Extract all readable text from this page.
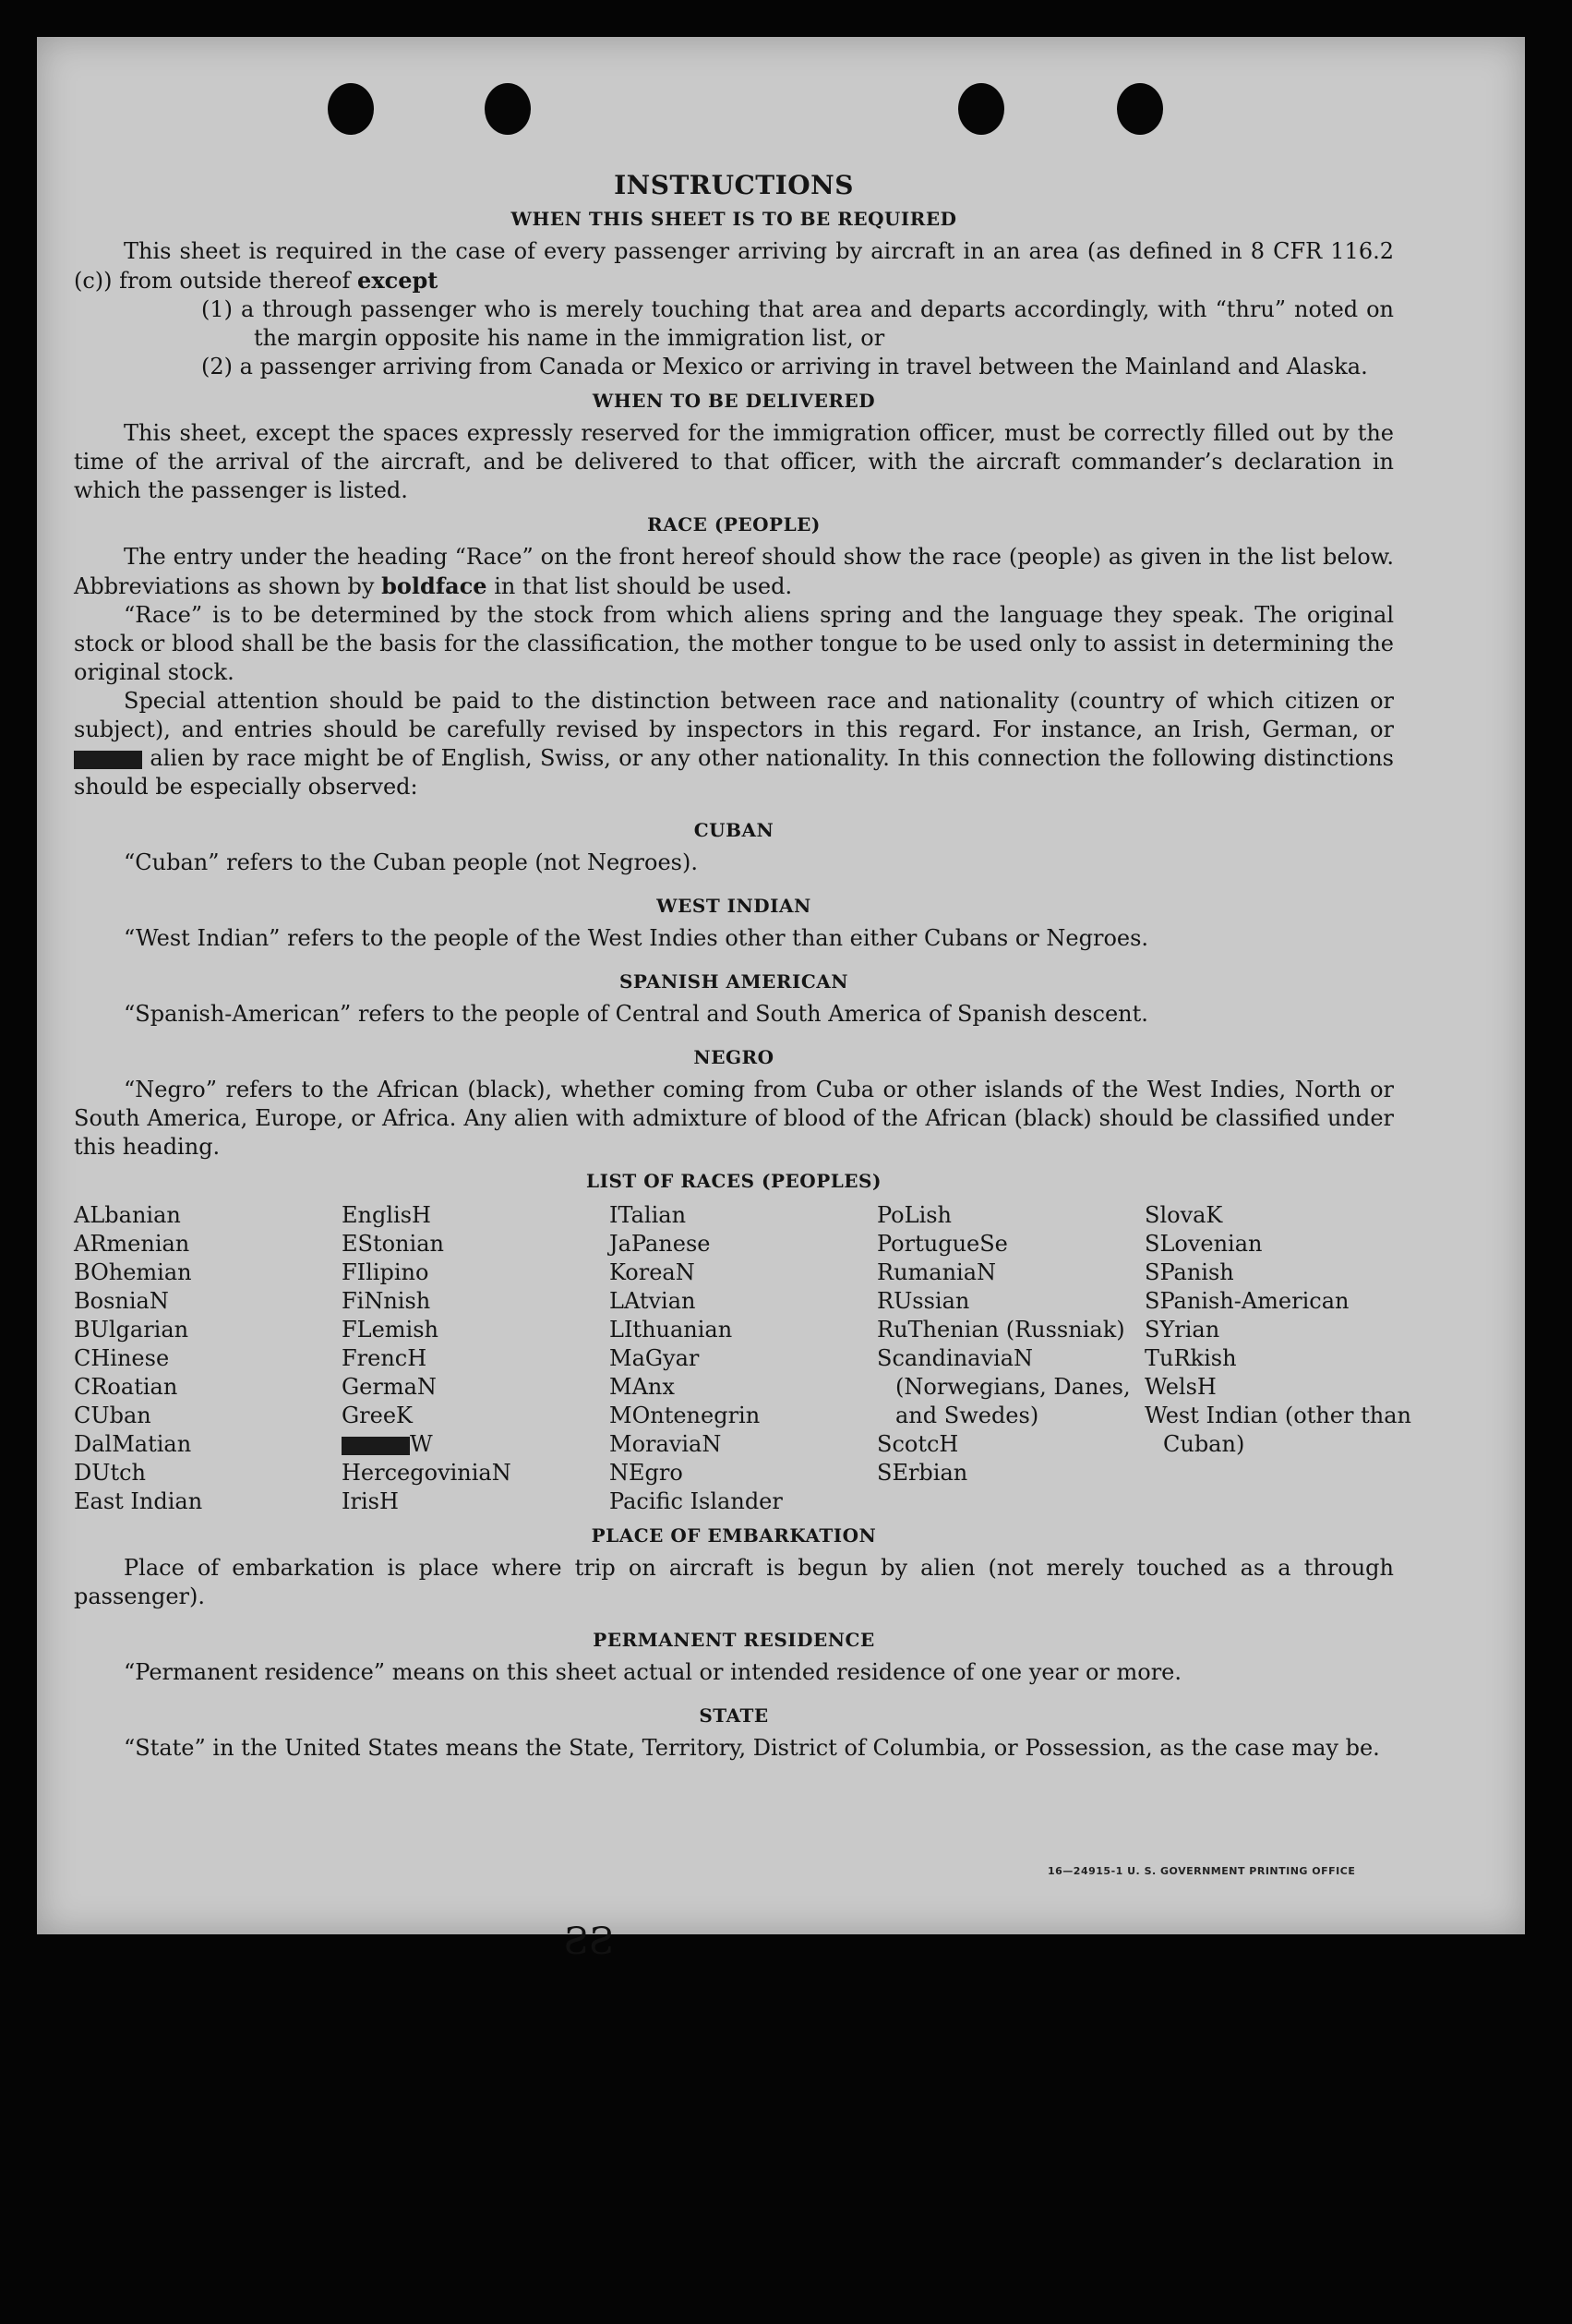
INSTRUCTIONS
WHEN THIS SHEET IS TO BE REQUIRED

This sheet is required in the case of every passenger arriving by aircraft in an area (as defined in 8 CFR 116.2 (c)) from outside thereof except

(1) a through passenger who is merely touching that area and departs accordingly, with “thru” noted on the margin opposite his name in the immigration list, or

(2) a passenger arriving from Canada or Mexico or arriving in travel between the Mainland and Alaska.

WHEN TO BE DELIVERED

This sheet, except the spaces expressly reserved for the immigration officer, must be correctly filled out by the time of the arrival of the aircraft, and be delivered to that officer, with the aircraft commander’s declaration in which the passenger is listed.

RACE (PEOPLE)

The entry under the heading “Race” on the front hereof should show the race (people) as given in the list below. Abbreviations as shown by boldface in that list should be used.

“Race” is to be determined by the stock from which aliens spring and the language they speak. The original stock or blood shall be the basis for the classification, the mother tongue to be used only to assist in determining the original stock.

Special attention should be paid to the distinction between race and nationality (country of which citizen or subject), and entries should be carefully revised by inspectors in this regard. For instance, an Irish, German, or  alien by race might be of English, Swiss, or any other nationality. In this connection the following distinctions should be especially observed:

CUBAN

“Cuban” refers to the Cuban people (not Negroes).

WEST INDIAN

“West Indian” refers to the people of the West Indies other than either Cubans or Negroes.

SPANISH AMERICAN

“Spanish-American” refers to the people of Central and South America of Spanish descent.

NEGRO

“Negro” refers to the African (black), whether coming from Cuba or other islands of the West Indies, North or South America, Europe, or Africa. Any alien with admixture of blood of the African (black) should be classified under this heading.

LIST OF RACES (PEOPLES)
ALbanian
ARmenian
BOhemian
BosniaN
BUlgarian
CHinese
CRoatian
CUban
DalMatian
DUtch
East Indian
EnglisH
EStonian
FIlipino
FiNnish
FLemish
FrencH
GermaN
GreeK
W
HercegoviniaN
IrisH
ITalian
JaPanese
KoreaN
LAtvian
LIthuanian
MaGyar
MAnx
MOntenegrin
MoraviaN
NEgro
Pacific Islander
PoLish
PortugueSe
RumaniaN
RUssian
RuThenian (Russniak)
ScandinaviaN (Norwegians, Danes, and Swedes)
ScotcH
SErbian
SlovaK
SLovenian
SPanish
SPanish-American
SYrian
TuRkish
WelsH
West Indian (other than Cuban)
PLACE OF EMBARKATION

Place of embarkation is place where trip on aircraft is begun by alien (not merely touched as a through passenger).

PERMANENT RESIDENCE

“Permanent residence” means on this sheet actual or intended residence of one year or more.

STATE

“State” in the United States means the State, Territory, District of Columbia, or Possession, as the case may be.

16—24915-1 U. S. GOVERNMENT PRINTING OFFICE
ƧƧ
